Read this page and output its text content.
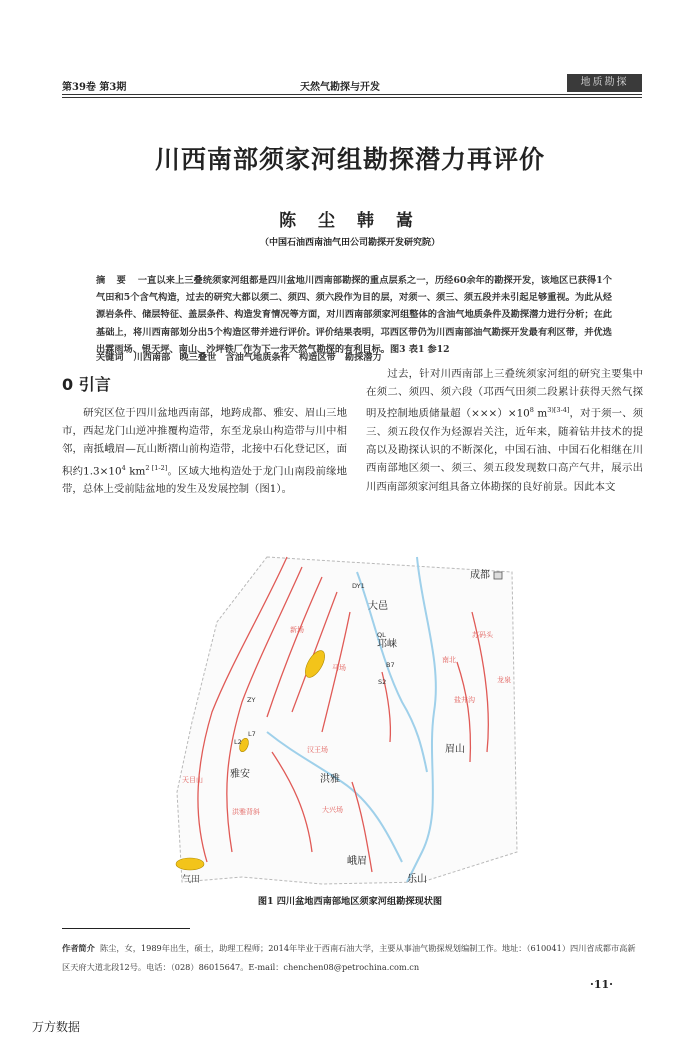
第39卷 第3期	天然气勘探与开发	地质勘探
川西南部须家河组勘探潜力再评价
陈 尘 韩 嵩
（中国石油西南油气田公司勘探开发研究院）
摘 要 一直以来上三叠统须家河组都是四川盆地川西南部勘探的重点层系之一，历经60余年的勘探开发，该地区已获得1个气田和5个含气构造，过去的研究大都以须二、须四、须六段作为目的层，对须一、须三、须五段并未引起足够重视。为此从烃源岩条件、储层特征、盖层条件、构造发育情况等方面，对川西南部须家河组整体的含油气地质条件及勘探潜力进行分析；在此基础上，将川西南部划分出5个构造区带并进行评价。评价结果表明，邛西区带仍为川西南部油气勘探开发最有利区带，并优选出霖雨场、银天坪、南山、沙坪铁厂作为下一步天然气勘探的有利目标。图3 表1 参12
关键词 川西南部 晚三叠世 含油气地质条件 构造区带 勘探潜力
0 引言
研究区位于四川盆地西南部，地跨成都、雅安、眉山三地市，西起龙门山逆冲推覆构造带，东至龙泉山构造带与川中相邻，南抵峨眉—瓦山断褶山前构造带，北接中石化登记区，面积约$1.3\times 10^4$ $km^{2 [1-2]}$。区域大地构造处于龙门山南段前缘地带，总体上受前陆盆地的发生及发展控制（图1）。
过去，针对川西南部上三叠统须家河组的研究主要集中在须二、须四、须六段（邛西气田须二段累计获得天然气探明及控制地质储量超$(\times\times\times)\times 10^8$ $m^{3)[3-4]}$，对于须一、须三、须五段仅作为烃源岩关注，近年来，随着钻井技术的提高以及勘探认识的不断深化，中国石油、中国石化相继在川西南部地区须一、须三、须五段发现数口高产气井，展示出川西南部须家河组具备立体勘探的良好前景。因此本文
成都
大邑
邛崃
雅安	洪雅
眉山
峨眉
乐山
DY1
QL
B7
S2
ZY
L2
L7
新场
马场
苏码头
南北
盐井沟
龙泉
汉王场
大兴场
天目山
洪雅背斜
气田
图1 四川盆地西南部地区须家河组勘探现状图
作者简介 陈尘，女，1989年出生，硕士，助理工程师；2014年毕业于西南石油大学，主要从事油气勘探规划编制工作。地址：（610041）四川省成都市高新区天府大道北段12号。电话：（028）86015647。E-mail：chenchen08@petrochina.com.cn
·11·
万方数据
